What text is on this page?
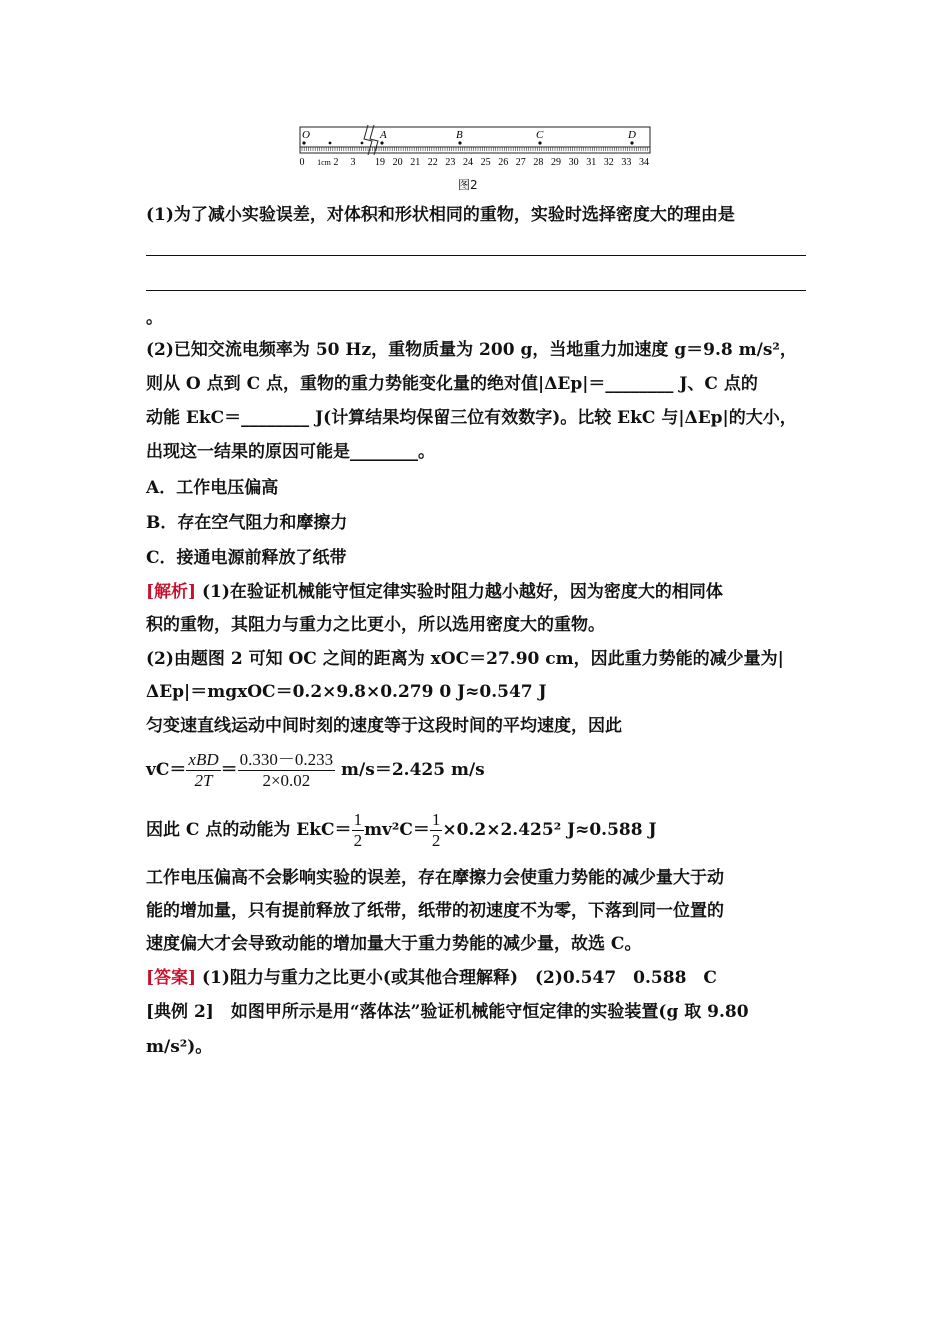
O	A	B	C	D
0 1cm 2 3 19 20 21 22 23 24 25 26 27 28 29 30 31 32 33 34
图2
(1)为了减小实验误差，对体积和形状相同的重物，实验时选择密度大的理由是
。
(2)已知交流电频率为 50 Hz，重物质量为 200 g，当地重力加速度 g＝9.8 m/s²，
则从 O 点到 C 点，重物的重力势能变化量的绝对值|ΔEp|＝________ J、C 点的
动能 EkC＝________ J(计算结果均保留三位有效数字)。比较 EkC 与|ΔEp|的大小，
出现这一结果的原因可能是________。
A．工作电压偏高
B．存在空气阻力和摩擦力
C．接通电源前释放了纸带
[解析] (1)在验证机械能守恒定律实验时阻力越小越好，因为密度大的相同体
积的重物，其阻力与重力之比更小，所以选用密度大的重物。
(2)由题图 2 可知 OC 之间的距离为 xOC＝27.90 cm，因此重力势能的减少量为|
ΔEp|＝mgxOC＝0.2×9.8×0.279 0 J≈0.547 J
匀变速直线运动中间时刻的速度等于这段时间的平均速度，因此
$vC= \frac{\text{xBD}}{2T} = \frac{0.330-0.233}{2\times 0.02} m/s=2.425$ m/s
因此 C 点的动能为 $EkC= \frac{1}{2} mv^2C= \frac{1}{2} \times 0.2\times 2.425^2$ J≈0.588 J
工作电压偏高不会影响实验的误差，存在摩擦力会使重力势能的减少量大于动
能的增加量，只有提前释放了纸带，纸带的初速度不为零，下落到同一位置的
速度偏大才会导致动能的增加量大于重力势能的减少量，故选 C。
[答案] (1)阻力与重力之比更小(或其他合理解释)　(2)0.547　0.588　C
[典例 2]　如图甲所示是用“落体法”验证机械能守恒定律的实验装置(g 取 9.80
m/s²)。
